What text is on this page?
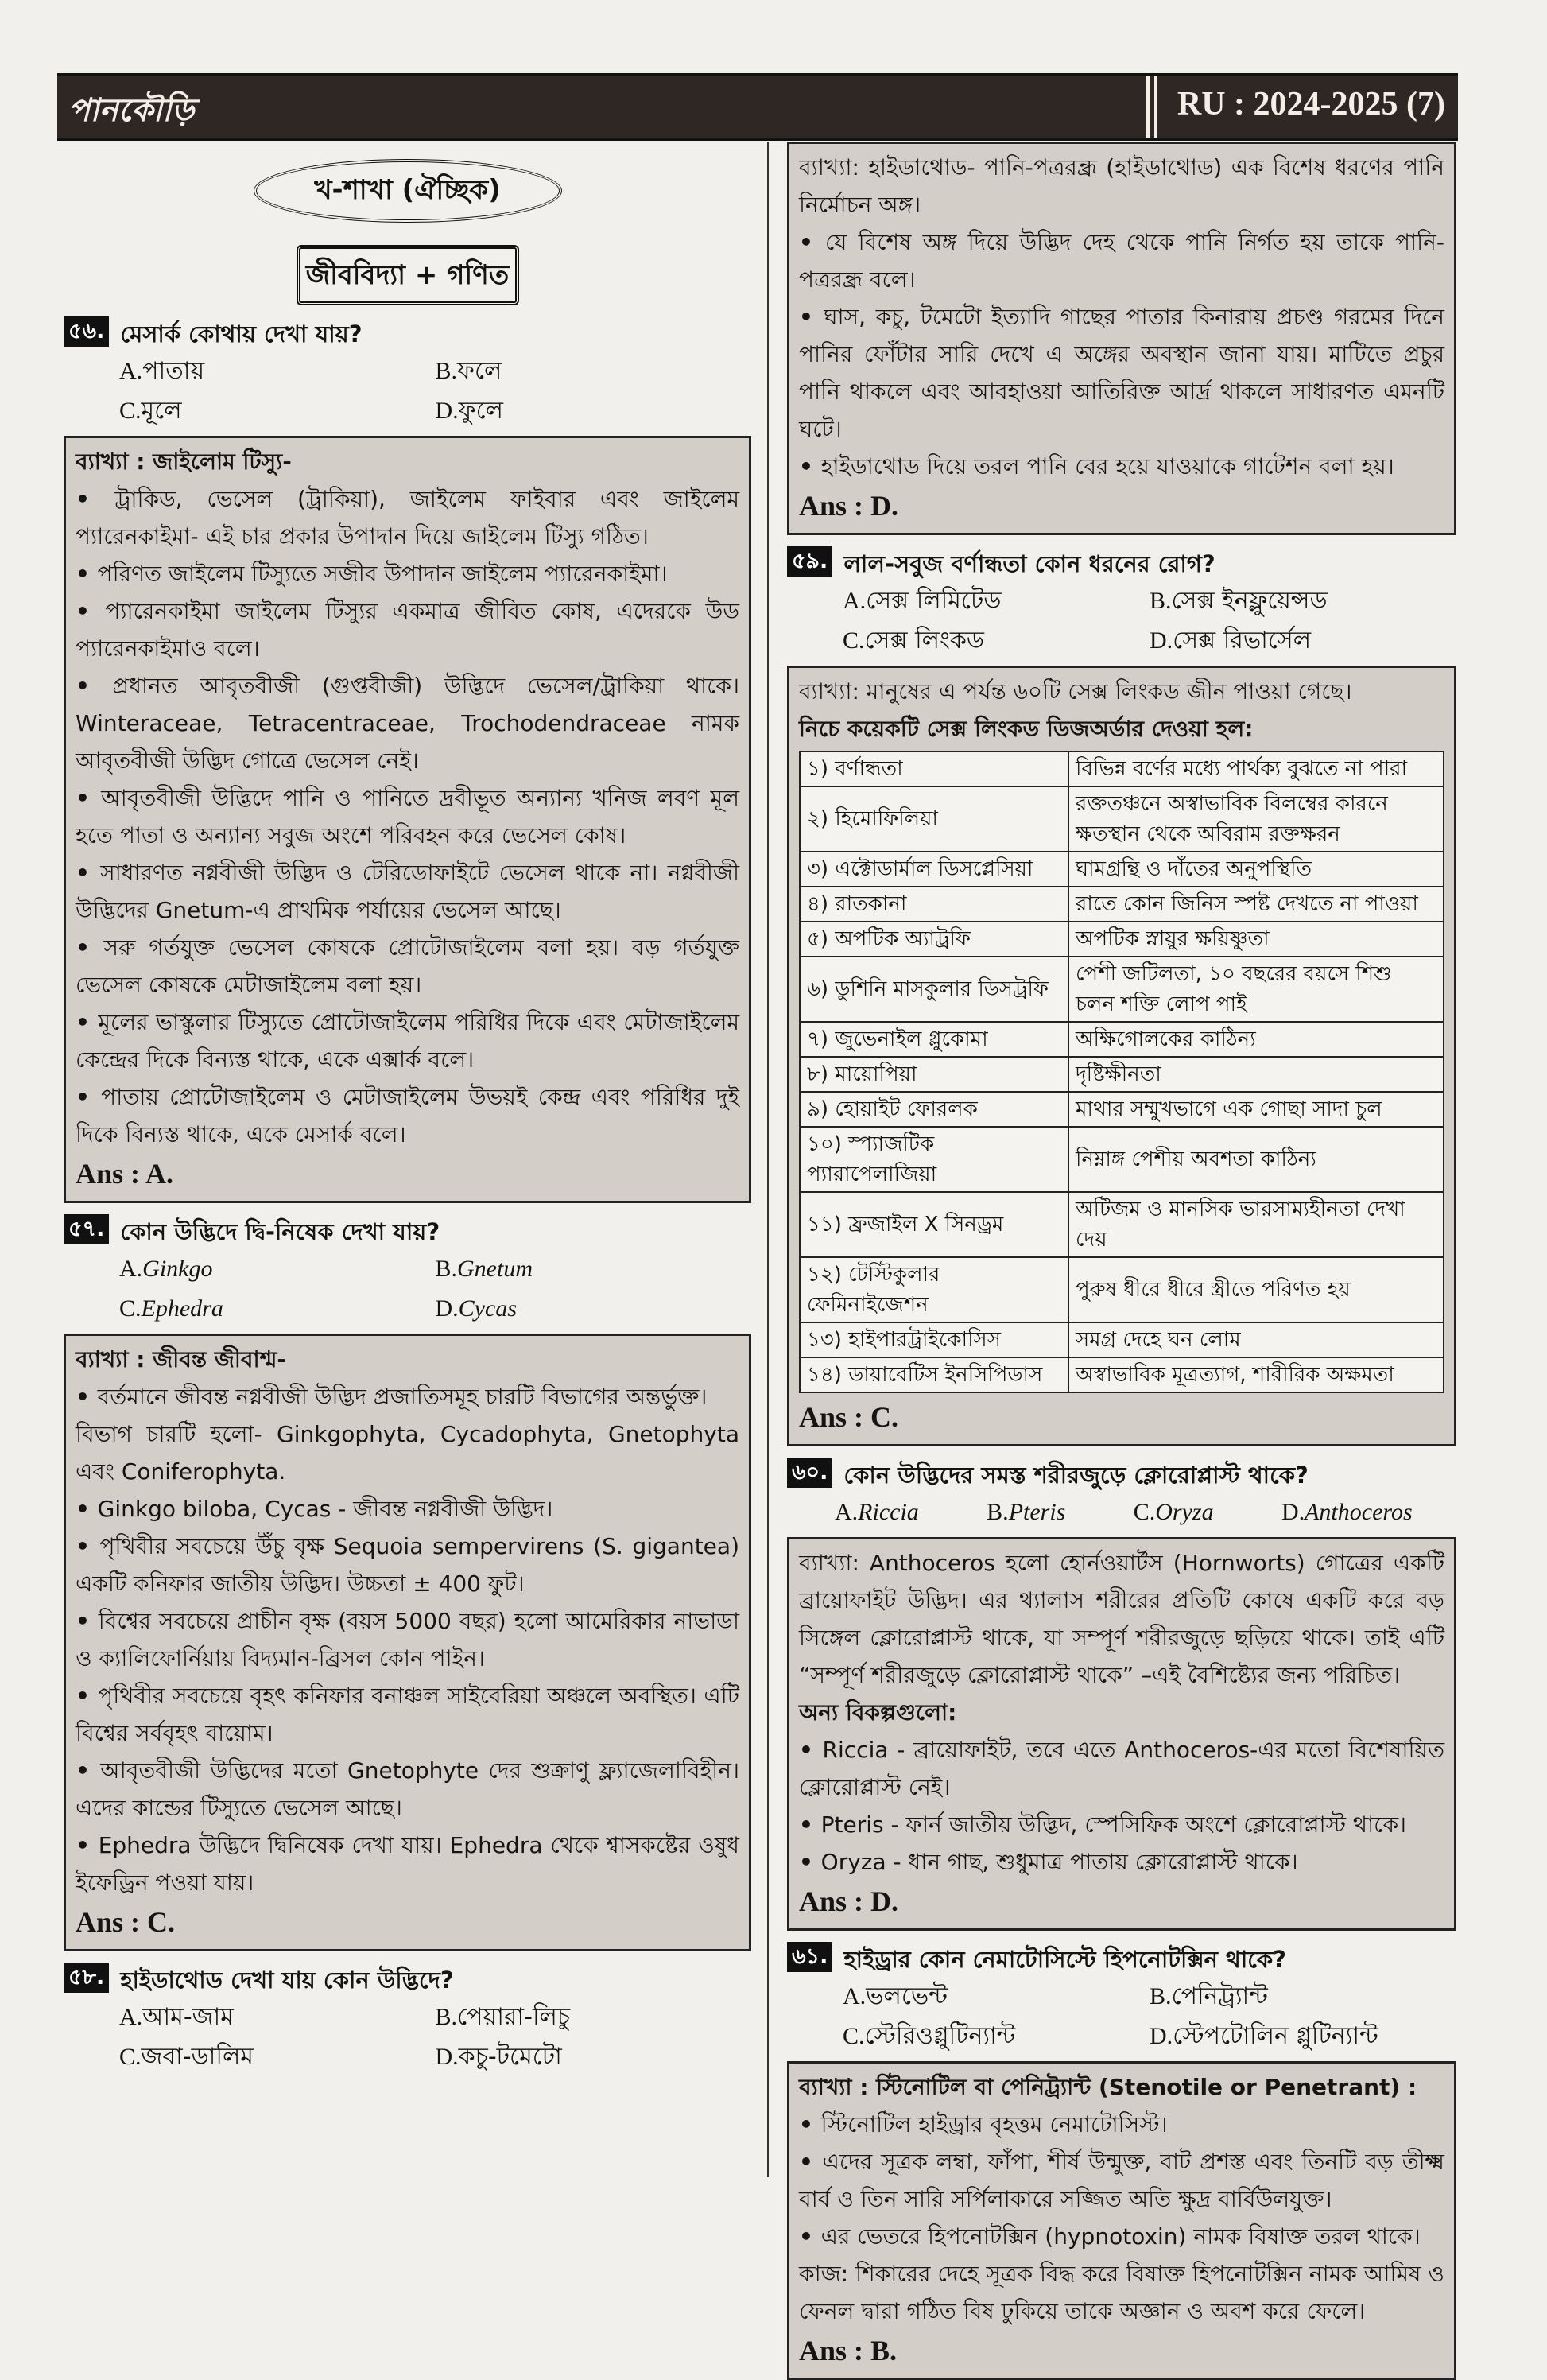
পানকৌড়ি	RU : 2024-2025 (7)
খ-শাখা (ঐচ্ছিক)
জীববিদ্যা + গণিত
৫৬. মেসার্ক কোথায় দেখা যায়?
A.পাতায়	B.ফলে
C.মূলে	D.ফুলে
ব্যাখ্যা : জাইলোম টিস্যু-
• ট্রাকিড, ভেসেল (ট্রাকিয়া), জাইলেম ফাইবার এবং জাইলেম প্যারেনকাইমা- এই চার প্রকার উপাদান দিয়ে জাইলেম টিস্যু গঠিত।
• পরিণত জাইলেম টিস্যুতে সজীব উপাদান জাইলেম প্যারেনকাইমা।
• প্যারেনকাইমা জাইলেম টিস্যুর একমাত্র জীবিত কোষ, এদেরকে উড প্যারেনকাইমাও বলে।
• প্রধানত আবৃতবীজী (গুপ্তবীজী) উদ্ভিদে ভেসেল/ট্রাকিয়া থাকে। Winteraceae, Tetracentraceae, Trochodendraceae নামক আবৃতবীজী উদ্ভিদ গোত্রে ভেসেল নেই।
• আবৃতবীজী উদ্ভিদে পানি ও পানিতে দ্রবীভূত অন্যান্য খনিজ লবণ মূল হতে পাতা ও অন্যান্য সবুজ অংশে পরিবহন করে ভেসেল কোষ।
• সাধারণত নগ্নবীজী উদ্ভিদ ও টেরিডোফাইটে ভেসেল থাকে না। নগ্নবীজী উদ্ভিদের Gnetum-এ প্রাথমিক পর্যায়ের ভেসেল আছে।
• সরু গর্তযুক্ত ভেসেল কোষকে প্রোটোজাইলেম বলা হয়। বড় গর্তযুক্ত ভেসেল কোষকে মেটাজাইলেম বলা হয়।
• মূলের ভাস্কুলার টিস্যুতে প্রোটোজাইলেম পরিধির দিকে এবং মেটাজাইলেম কেন্দ্রের দিকে বিন্যস্ত থাকে, একে এক্সার্ক বলে।
• পাতায় প্রোটোজাইলেম ও মেটাজাইলেম উভয়ই কেন্দ্র এবং পরিধির দুই দিকে বিন্যস্ত থাকে, একে মেসার্ক বলে।
Ans : A.
৫৭. কোন উদ্ভিদে দ্বি-নিষেক দেখা যায়?
A.Ginkgo	B.Gnetum
C.Ephedra	D.Cycas
ব্যাখ্যা : জীবন্ত জীবাশ্ম-
• বর্তমানে জীবন্ত নগ্নবীজী উদ্ভিদ প্রজাতিসমূহ চারটি বিভাগের অন্তর্ভুক্ত।
বিভাগ চারটি হলো- Ginkgophyta, Cycadophyta, Gnetophyta এবং Coniferophyta.
• Ginkgo biloba, Cycas - জীবন্ত নগ্নবীজী উদ্ভিদ।
• পৃথিবীর সবচেয়ে উঁচু বৃক্ষ Sequoia sempervirens (S. gigantea) একটি কনিফার জাতীয় উদ্ভিদ। উচ্চতা ± 400 ফুট।
• বিশ্বের সবচেয়ে প্রাচীন বৃক্ষ (বয়স 5000 বছর) হলো আমেরিকার নাভাডা ও ক্যালিফোর্নিয়ায় বিদ্যমান-ব্রিসল কোন পাইন।
• পৃথিবীর সবচেয়ে বৃহৎ কনিফার বনাঞ্চল সাইবেরিয়া অঞ্চলে অবস্থিত। এটি বিশ্বের সর্ববৃহৎ বায়োম।
• আবৃতবীজী উদ্ভিদের মতো Gnetophyte দের শুক্রাণু ফ্ল্যাজেলাবিহীন। এদের কান্ডের টিস্যুতে ভেসেল আছে।
• Ephedra উদ্ভিদে দ্বিনিষেক দেখা যায়। Ephedra থেকে শ্বাসকষ্টের ওষুধ ইফেড্রিন পওয়া যায়।
Ans : C.
৫৮. হাইডাথোড দেখা যায় কোন উদ্ভিদে?
A.আম-জাম	B.পেয়ারা-লিচু
C.জবা-ডালিম	D.কচু-টমেটো
ব্যাখ্যা: হাইডাথোড- পানি-পত্ররন্ধ্র (হাইডাথোড) এক বিশেষ ধরণের পানি নির্মোচন অঙ্গ।
• যে বিশেষ অঙ্গ দিয়ে উদ্ভিদ দেহ থেকে পানি নির্গত হয় তাকে পানি-পত্ররন্ধ্র বলে।
• ঘাস, কচু, টমেটো ইত্যাদি গাছের পাতার কিনারায় প্রচণ্ড গরমের দিনে পানির ফোঁটার সারি দেখে এ অঙ্গের অবস্থান জানা যায়। মাটিতে প্রচুর পানি থাকলে এবং আবহাওয়া আতিরিক্ত আর্দ্র থাকলে সাধারণত এমনটি ঘটে।
• হাইডাথোড দিয়ে তরল পানি বের হয়ে যাওয়াকে গাটেশন বলা হয়।
Ans : D.
৫৯. লাল-সবুজ বর্ণান্ধতা কোন ধরনের রোগ?
A.সেক্স লিমিটেড	B.সেক্স ইনফ্লুয়েন্সড
C.সেক্স লিংকড	D.সেক্স রিভার্সেল
ব্যাখ্যা: মানুষের এ পর্যন্ত ৬০টি সেক্স লিংকড জীন পাওয়া গেছে।
নিচে কয়েকটি সেক্স লিংকড ডিজঅর্ডার দেওয়া হল:
১) বর্ণান্ধতা	বিভিন্ন বর্ণের মধ্যে পার্থক্য বুঝতে না পারা
২) হিমোফিলিয়া	রক্ততঞ্চনে অস্বাভাবিক বিলম্বের কারনে ক্ষতস্থান থেকে অবিরাম রক্তক্ষরন
৩) এক্টোডার্মাল ডিসপ্লেসিয়া	ঘামগ্রন্থি ও দাঁতের অনুপস্থিতি
৪) রাতকানা	রাতে কোন জিনিস স্পষ্ট দেখতে না পাওয়া
৫) অপটিক অ্যাট্রফি	অপটিক স্নায়ুর ক্ষয়িষ্ণুতা
৬) ডুশিনি মাসকুলার ডিসট্রফি	পেশী জটিলতা, ১০ বছরের বয়সে শিশু চলন শক্তি লোপ পাই
৭) জুভেনাইল গ্লুকোমা	অক্ষিগোলকের কাঠিন্য
৮) মায়োপিয়া	দৃষ্টিক্ষীনতা
৯) হোয়াইট ফোরলক	মাথার সম্মুখভাগে এক গোছা সাদা চুল
১০) স্প্যাজটিক প্যারাপেলাজিয়া	নিম্নাঙ্গ পেশীয় অবশতা কাঠিন্য
১১) ফ্রজাইল X সিনড্রম	অটিজম ও মানসিক ভারসাম্যহীনতা দেখা দেয়
১২) টেস্টিকুলার ফেমিনাইজেশন	পুরুষ ধীরে ধীরে স্ত্রীতে পরিণত হয়
১৩) হাইপারট্রাইকোসিস	সমগ্র দেহে ঘন লোম
১৪) ডায়াবেটিস ইনসিপিডাস	অস্বাভাবিক মূত্রত্যাগ, শারীরিক অক্ষমতা
Ans : C.
৬০. কোন উদ্ভিদের সমস্ত শরীরজুড়ে ক্লোরোপ্লাস্ট থাকে?
A.Riccia	B.Pteris	C.Oryza	D.Anthoceros
ব্যাখ্যা: Anthoceros হলো হোর্নওয়ার্টস (Hornworts) গোত্রের একটি ব্রায়োফাইট উদ্ভিদ। এর থ্যালাস শরীরের প্রতিটি কোষে একটি করে বড় সিঙ্গেল ক্লোরোপ্লাস্ট থাকে, যা সম্পূর্ণ শরীরজুড়ে ছড়িয়ে থাকে। তাই এটি “সম্পূর্ণ শরীরজুড়ে ক্লোরোপ্লাস্ট থাকে” –এই বৈশিষ্ট্যের জন্য পরিচিত।
অন্য বিকল্পগুলো:
• Riccia - ব্রায়োফাইট, তবে এতে Anthoceros-এর মতো বিশেষায়িত ক্লোরোপ্লাস্ট নেই।
• Pteris - ফার্ন জাতীয় উদ্ভিদ, স্পেসিফিক অংশে ক্লোরোপ্লাস্ট থাকে।
• Oryza - ধান গাছ, শুধুমাত্র পাতায় ক্লোরোপ্লাস্ট থাকে।
Ans : D.
৬১. হাইড্রার কোন নেমাটোসিস্টে হিপনোটক্সিন থাকে?
A.ভলভেন্ট	B.পেনিট্র্যান্ট
C.স্টেরিওগ্লুটিন্যান্ট	D.স্টেপটোলিন গ্লুটিন্যান্ট
ব্যাখ্যা : স্টিনোটিল বা পেনিট্র্যান্ট (Stenotile or Penetrant) :
• স্টিনোটিল হাইড্রার বৃহত্তম নেমাটোসিস্ট।
• এদের সূত্রক লম্বা, ফাঁপা, শীর্ষ উন্মুক্ত, বাট প্রশস্ত এবং তিনটি বড় তীক্ষ্ম বার্ব ও তিন সারি সর্পিলাকারে সজ্জিত অতি ক্ষুদ্র বার্বিউলযুক্ত।
• এর ভেতরে হিপনোটক্সিন (hypnotoxin) নামক বিষাক্ত তরল থাকে।
কাজ: শিকারের দেহে সূত্রক বিদ্ধ করে বিষাক্ত হিপনোটক্সিন নামক আমিষ ও ফেনল দ্বারা গঠিত বিষ ঢুকিয়ে তাকে অজ্ঞান ও অবশ করে ফেলে।
Ans : B.
